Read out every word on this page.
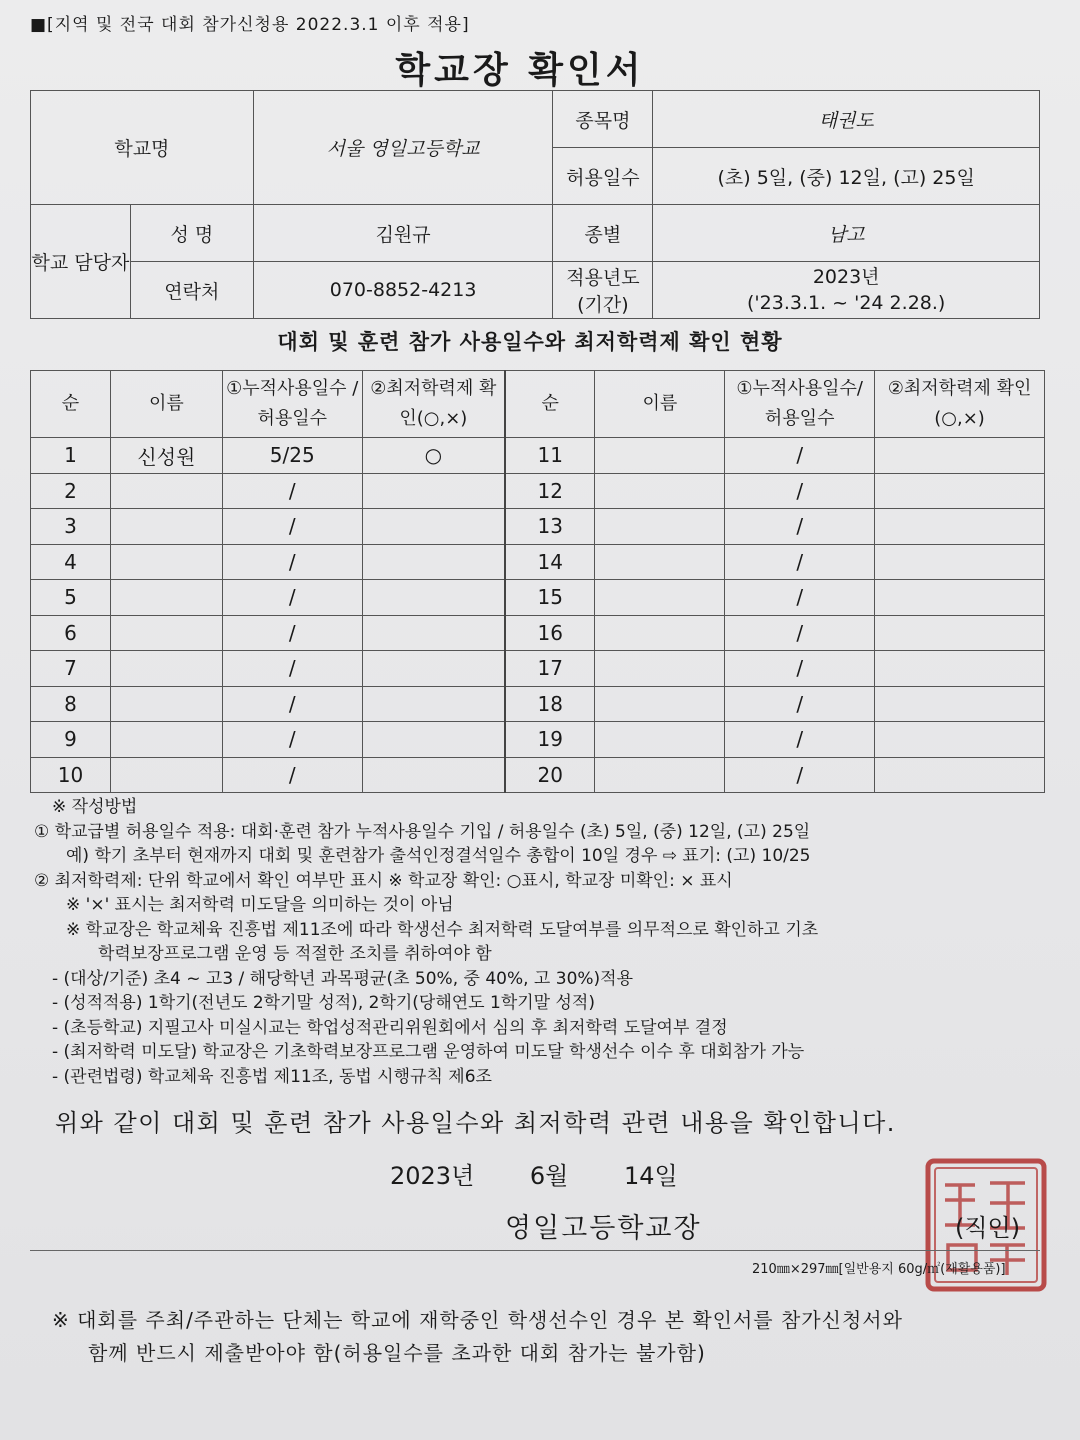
■[지역 및 전국 대회 참가신청용 2022.3.1 이후 적용]
학교장 확인서
학교명		서울 영일고등학교	종목명	태권도
			허용일수	(초) 5일, (중) 12일, (고) 25일
학교 담당자	성 명	김원규	종별	남고
	연락처	070-8852-4213	적용년도 (기간)	2023년
('23.3.1. ~ '24 2.28.)
대회 및 훈련 참가 사용일수와 최저학력제 확인 현황
순	이름	①누적사용일수 /허용일수	②최저학력제 확인(○,×)	순	이름	①누적사용일수/ 허용일수	②최저학력제 확인(○,×)
1	신성원	5/25	○	11		/	
2		/		12		/	
3		/		13		/	
4		/		14		/	
5		/		15		/	
6		/		16		/	
7		/		17		/	
8		/		18		/	
9		/		19		/	
10		/		20		/	
※ 작성방법
① 학교급별 허용일수 적용: 대회·훈련 참가 누적사용일수 기입 / 허용일수 (초) 5일, (중) 12일, (고) 25일
예) 학기 초부터 현재까지 대회 및 훈련참가 출석인정결석일수 총합이 10일 경우 ⇨ 표기: (고) 10/25
② 최저학력제: 단위 학교에서 확인 여부만 표시 ※ 학교장 확인: ○표시, 학교장 미확인: × 표시
※ '×' 표시는 최저학력 미도달을 의미하는 것이 아님
※ 학교장은 학교체육 진흥법 제11조에 따라 학생선수 최저학력 도달여부를 의무적으로 확인하고 기초
학력보장프로그램 운영 등 적절한 조치를 취하여야 함
- (대상/기준) 초4 ~ 고3 / 해당학년 과목평균(초 50%, 중 40%, 고 30%)적용
- (성적적용) 1학기(전년도 2학기말 성적), 2학기(당해연도 1학기말 성적)
- (초등학교) 지필고사 미실시교는 학업성적관리위원회에서 심의 후 최저학력 도달여부 결정
- (최저학력 미도달) 학교장은 기초학력보장프로그램 운영하여 미도달 학생선수 이수 후 대회참가 가능
- (관련법령) 학교체육 진흥법 제11조, 동법 시행규칙 제6조
위와 같이 대회 및 훈련 참가 사용일수와 최저학력 관련 내용을 확인합니다.
2023년 6월 14일
영일고등학교장	(직인)
210㎜×297㎜[일반용지 60g/㎡(재활용품)]
※ 대회를 주최/주관하는 단체는 학교에 재학중인 학생선수인 경우 본 확인서를 참가신청서와
함께 반드시 제출받아야 함(허용일수를 초과한 대회 참가는 불가함)
